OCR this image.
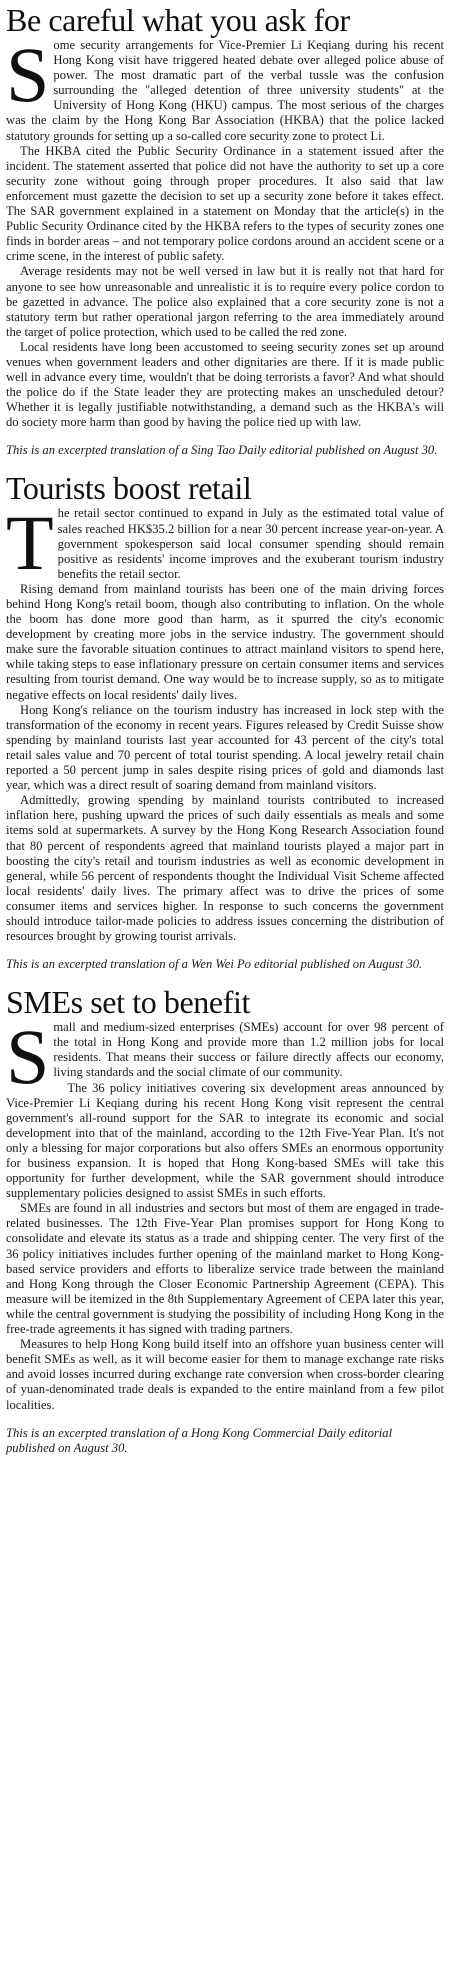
Be careful what you ask for

Some security arrangements for Vice-Premier Li Keqiang during his recent Hong Kong visit have triggered heated debate over alleged police abuse of power. The most dramatic part of the verbal tussle was the confusion surrounding the "alleged detention of three university students" at the University of Hong Kong (HKU) campus. The most serious of the charges was the claim by the Hong Kong Bar Association (HKBA) that the police lacked statutory grounds for setting up a so-called core security zone to protect Li.

The HKBA cited the Public Security Ordinance in a statement issued after the incident. The statement asserted that police did not have the authority to set up a core security zone without going through proper procedures. It also said that law enforcement must gazette the decision to set up a security zone before it takes effect. The SAR government explained in a statement on Monday that the article(s) in the Public Security Ordinance cited by the HKBA refers to the types of security zones one finds in border areas – and not temporary police cordons around an accident scene or a crime scene, in the interest of public safety.

Average residents may not be well versed in law but it is really not that hard for anyone to see how unreasonable and unrealistic it is to require every police cordon to be gazetted in advance. The police also explained that a core security zone is not a statutory term but rather operational jargon referring to the area immediately around the target of police protection, which used to be called the red zone.

Local residents have long been accustomed to seeing security zones set up around venues when government leaders and other dignitaries are there. If it is made public well in advance every time, wouldn't that be doing terrorists a favor? And what should the police do if the State leader they are protecting makes an unscheduled detour? Whether it is legally justifiable notwithstanding, a demand such as the HKBA's will do society more harm than good by having the police tied up with law.

This is an excerpted translation of a Sing Tao Daily editorial published on August 30.
Tourists boost retail

The retail sector continued to expand in July as the estimated total value of sales reached HK$35.2 billion for a near 30 percent increase year-on-year. A government spokesperson said local consumer spending should remain positive as residents' income improves and the exuberant tourism industry benefits the retail sector.

Rising demand from mainland tourists has been one of the main driving forces behind Hong Kong's retail boom, though also contributing to inflation. On the whole the boom has done more good than harm, as it spurred the city's economic development by creating more jobs in the service industry. The government should make sure the favorable situation continues to attract mainland visitors to spend here, while taking steps to ease inflationary pressure on certain consumer items and services resulting from tourist demand. One way would be to increase supply, so as to mitigate negative effects on local residents' daily lives.

Hong Kong's reliance on the tourism industry has increased in lock step with the transformation of the economy in recent years. Figures released by Credit Suisse show spending by mainland tourists last year accounted for 43 percent of the city's total retail sales value and 70 percent of total tourist spending. A local jewelry retail chain reported a 50 percent jump in sales despite rising prices of gold and diamonds last year, which was a direct result of soaring demand from mainland visitors.

Admittedly, growing spending by mainland tourists contributed to increased inflation here, pushing upward the prices of such daily essentials as meals and some items sold at supermarkets. A survey by the Hong Kong Research Association found that 80 percent of respondents agreed that mainland tourists played a major part in boosting the city's retail and tourism industries as well as economic development in general, while 56 percent of respondents thought the Individual Visit Scheme affected local residents' daily lives. The primary affect was to drive the prices of some consumer items and services higher. In response to such concerns the government should introduce tailor-made policies to address issues concerning the distribution of resources brought by growing tourist arrivals.

This is an excerpted translation of a Wen Wei Po editorial published on August 30.
SMEs set to benefit

Small and medium-sized enterprises (SMEs) account for over 98 percent of the total in Hong Kong and provide more than 1.2 million jobs for local residents. That means their success or failure directly affects our economy, living standards and the social climate of our community.

The 36 policy initiatives covering six development areas announced by Vice-Premier Li Keqiang during his recent Hong Kong visit represent the central government's all-round support for the SAR to integrate its economic and social development into that of the mainland, according to the 12th Five-Year Plan. It's not only a blessing for major corporations but also offers SMEs an enormous opportunity for business expansion. It is hoped that Hong Kong-based SMEs will take this opportunity for further development, while the SAR government should introduce supplementary policies designed to assist SMEs in such efforts.

SMEs are found in all industries and sectors but most of them are engaged in trade-related businesses. The 12th Five-Year Plan promises support for Hong Kong to consolidate and elevate its status as a trade and shipping center. The very first of the 36 policy initiatives includes further opening of the mainland market to Hong Kong-based service providers and efforts to liberalize service trade between the mainland and Hong Kong through the Closer Economic Partnership Agreement (CEPA). This measure will be itemized in the 8th Supplementary Agreement of CEPA later this year, while the central government is studying the possibility of including Hong Kong in the free-trade agreements it has signed with trading partners.

Measures to help Hong Kong build itself into an offshore yuan business center will benefit SMEs as well, as it will become easier for them to manage exchange rate risks and avoid losses incurred during exchange rate conversion when cross-border clearing of yuan-denominated trade deals is expanded to the entire mainland from a few pilot localities.

This is an excerpted translation of a Hong Kong Commercial Daily editorial published on August 30.
